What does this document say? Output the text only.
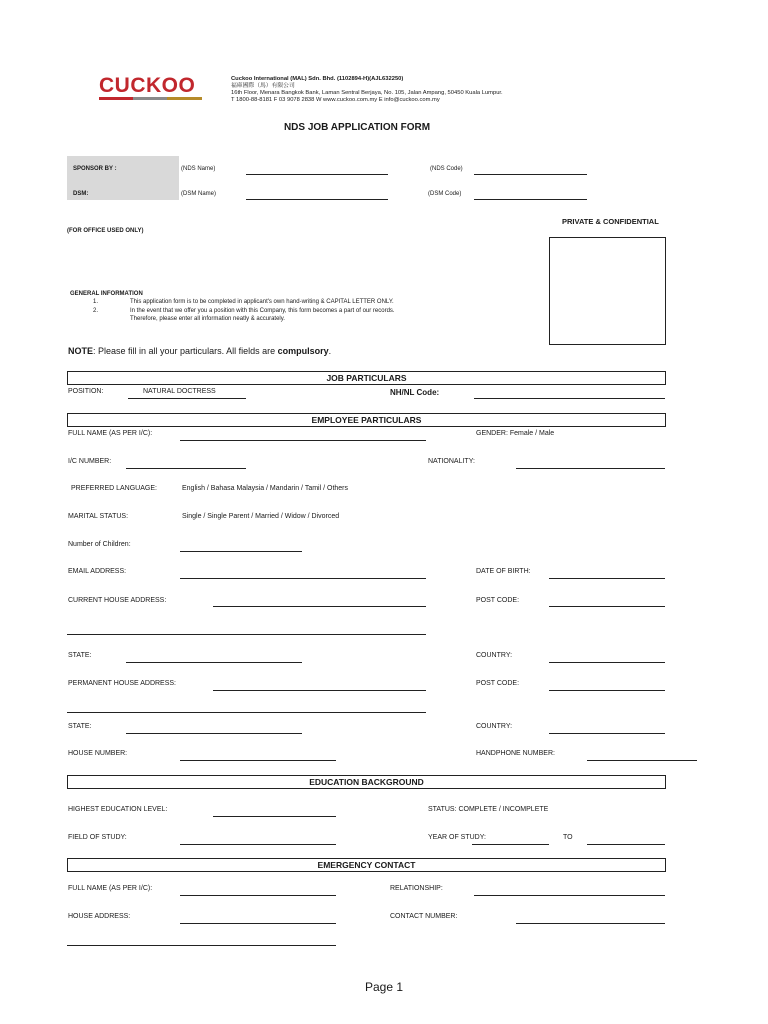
CUCKOO	Cuckoo International (MAL) Sdn. Bhd. (1102894-H)(AJL632250)
福庫國際（馬）有限公司
16th Floor, Menara Bangkok Bank, Laman Sentral Berjaya, No. 105, Jalan Ampang, 50450 Kuala Lumpur.
T 1800-88-8181 F 03 9078 2838 W www.cuckoo.com.my E info@cuckoo.com.my
NDS JOB APPLICATION FORM
SPONSOR BY :
DSM:
(NDS Name)	(NDS Code)
(DSM Name)	(DSM Code)
PRIVATE & CONFIDENTIAL
(FOR OFFICE USED ONLY)
GENERAL INFORMATION
1.	This application form is to be completed in applicant's own hand-writing & CAPITAL LETTER ONLY.
2.	In the event that we offer you a position with this Company, this form becomes a part of our records.
Therefore, please enter all information neatly & accurately.
NOTE: Please fill in all your particulars. All fields are compulsory.
JOB PARTICULARS
POSITION:	NATURAL DOCTRESS	NH/NL Code:
EMPLOYEE PARTICULARS
FULL NAME (AS PER I/C):	GENDER: Female / Male
I/C NUMBER:	NATIONALITY:
PREFERRED LANGUAGE:	English / Bahasa Malaysia / Mandarin / Tamil / Others
MARITAL STATUS:	Single / Single Parent / Married / Widow / Divorced
Number of Children:
EMAIL ADDRESS:	DATE OF BIRTH:
CURRENT HOUSE ADDRESS:	POST CODE:
STATE:	COUNTRY:
PERMANENT HOUSE ADDRESS:	POST CODE:
STATE:	COUNTRY:
HOUSE NUMBER:	HANDPHONE NUMBER:
EDUCATION BACKGROUND
HIGHEST EDUCATION LEVEL:	STATUS: COMPLETE / INCOMPLETE
FIELD OF STUDY:	YEAR OF STUDY:	TO
EMERGENCY CONTACT
FULL NAME (AS PER I/C):	RELATIONSHIP:
HOUSE ADDRESS:	CONTACT NUMBER:
Page 1
